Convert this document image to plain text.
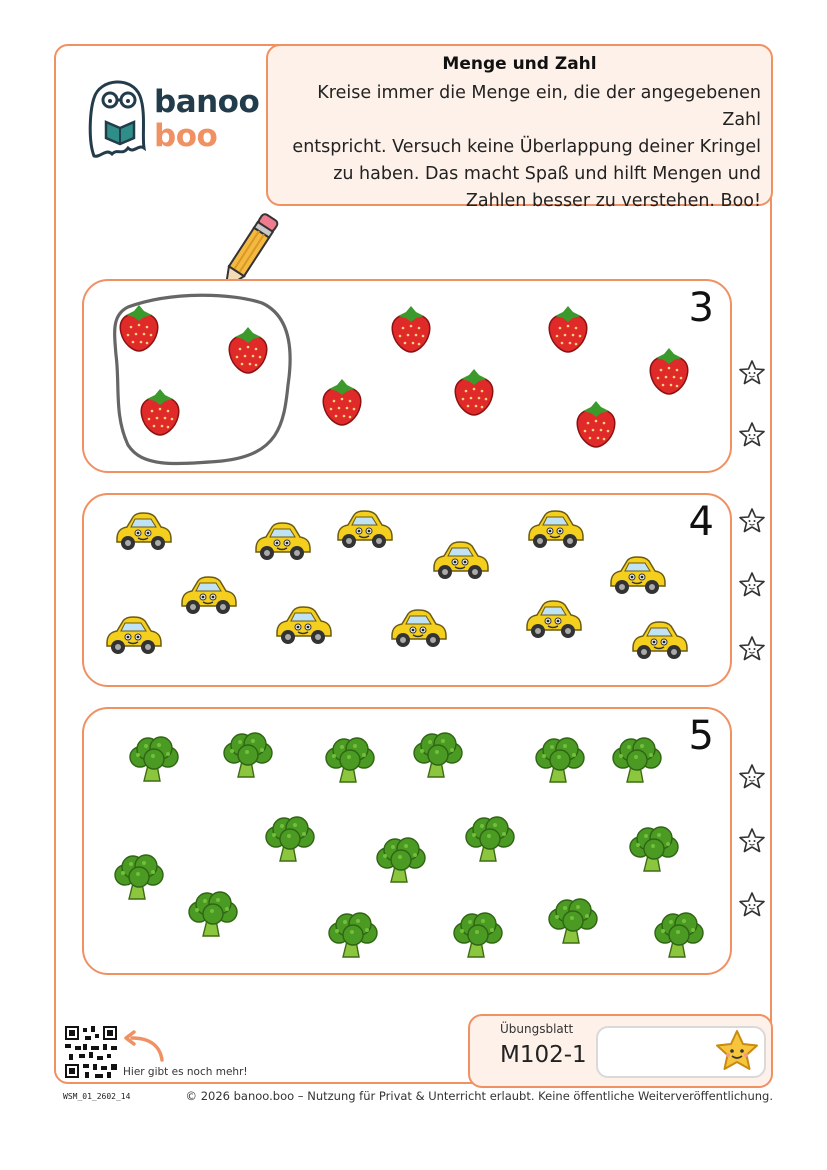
banoo
boo
Menge und Zahl
Kreise immer die Menge ein, die der angegebenen Zahl
entspricht. Versuch keine Überlappung deiner Kringel
zu haben. Das macht Spaß und hilft Mengen und
Zahlen besser zu verstehen. Boo!
3
4
5
Hier gibt es noch mehr!
Übungsblatt
M102-1
WSM_01_2602_14	© 2026 banoo.boo – Nutzung für Privat & Unterricht erlaubt. Keine öffentliche Weiterveröffentlichung.
